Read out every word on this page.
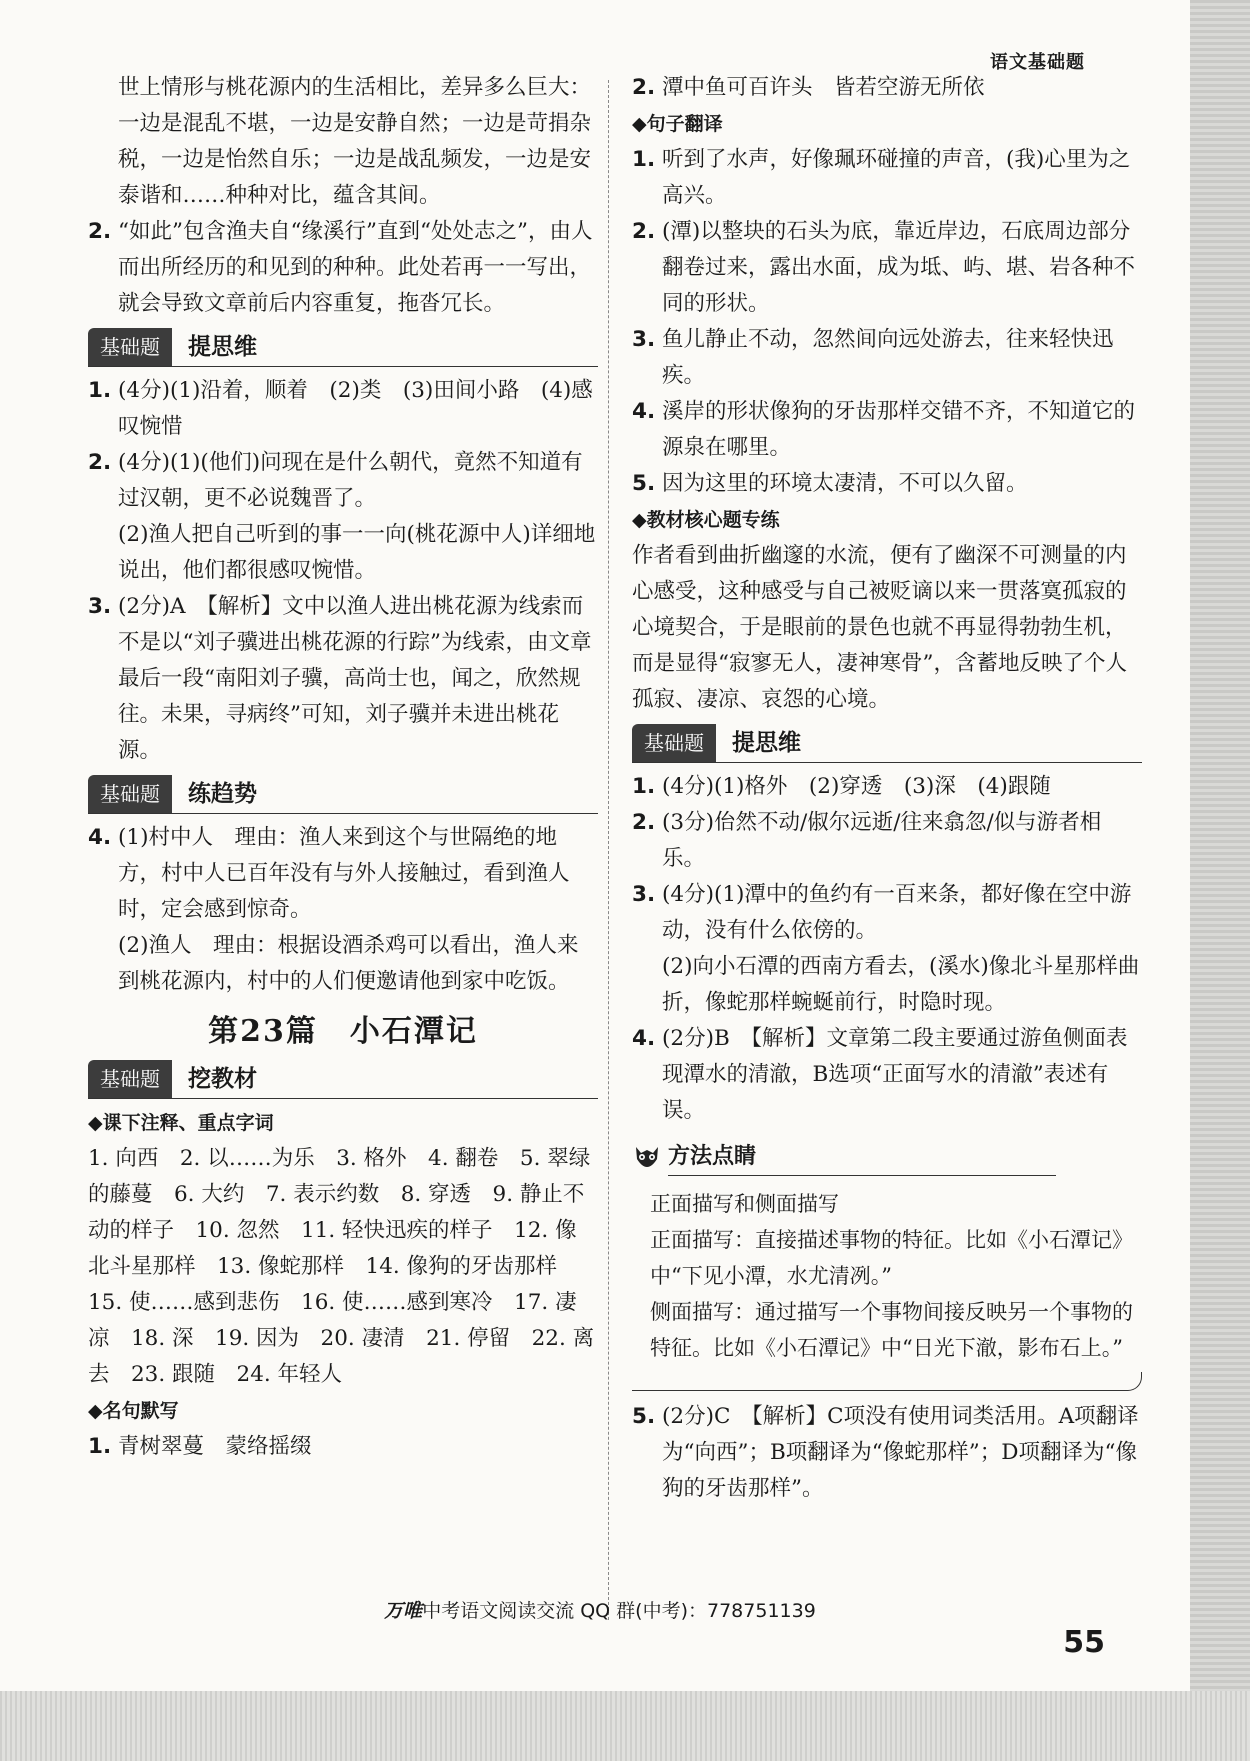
语文基础题

世上情形与桃花源内的生活相比，差异多么巨大：一边是混乱不堪，一边是安静自然；一边是苛捐杂税，一边是怡然自乐；一边是战乱频发，一边是安泰谐和……种种对比，蕴含其间。

2. “如此”包含渔夫自“缘溪行”直到“处处志之”，由人而出所经历的和见到的种种。此处若再一一写出，就会导致文章前后内容重复，拖沓冗长。
基础题	提思维
1. (4分)(1)沿着，顺着　(2)类　(3)田间小路　(4)感叹惋惜
2. (4分)(1)(他们)问现在是什么朝代，竟然不知道有过汉朝，更不必说魏晋了。
(2)渔人把自己听到的事一一向(桃花源中人)详细地说出，他们都很感叹惋惜。
3. (2分)A　【解析】文中以渔人进出桃花源为线索而不是以“刘子骥进出桃花源的行踪”为线索，由文章最后一段“南阳刘子骥，高尚士也，闻之，欣然规往。未果，寻病终”可知，刘子骥并未进出桃花源。
基础题	练趋势
4. (1)村中人　理由：渔人来到这个与世隔绝的地方，村中人已百年没有与外人接触过，看到渔人时，定会感到惊奇。
(2)渔人　理由：根据设酒杀鸡可以看出，渔人来到桃花源内，村中的人们便邀请他到家中吃饭。
第23篇　小石潭记
基础题	挖教材

◆课下注释、重点字词

1. 向西　2. 以……为乐　3. 格外　4. 翻卷　5. 翠绿的藤蔓　6. 大约　7. 表示约数　8. 穿透　9. 静止不动的样子　10. 忽然　11. 轻快迅疾的样子　12. 像北斗星那样　13. 像蛇那样　14. 像狗的牙齿那样　15. 使……感到悲伤　16. 使……感到寒冷　17. 凄凉　18. 深　19. 因为　20. 凄清　21. 停留　22. 离去　23. 跟随　24. 年轻人

◆名句默写

1. 青树翠蔓　蒙络摇缀
2. 潭中鱼可百许头　皆若空游无所依

◆句子翻译

1. 听到了水声，好像珮环碰撞的声音，(我)心里为之高兴。
2. (潭)以整块的石头为底，靠近岸边，石底周边部分翻卷过来，露出水面，成为坻、屿、堪、岩各种不同的形状。
3. 鱼儿静止不动，忽然间向远处游去，往来轻快迅疾。
4. 溪岸的形状像狗的牙齿那样交错不齐，不知道它的源泉在哪里。
5. 因为这里的环境太凄清，不可以久留。

◆教材核心题专练

作者看到曲折幽邃的水流，便有了幽深不可测量的内心感受，这种感受与自己被贬谪以来一贯落寞孤寂的心境契合，于是眼前的景色也就不再显得勃勃生机，而是显得“寂寥无人，凄神寒骨”，含蓄地反映了个人孤寂、凄凉、哀怨的心境。

基础题	提思维
1. (4分)(1)格外　(2)穿透　(3)深　(4)跟随
2. (3分)佁然不动/俶尔远逝/往来翕忽/似与游者相乐。
3. (4分)(1)潭中的鱼约有一百来条，都好像在空中游动，没有什么依傍的。
(2)向小石潭的西南方看去，(溪水)像北斗星那样曲折，像蛇那样蜿蜒前行，时隐时现。
4. (2分)B　【解析】文章第二段主要通过游鱼侧面表现潭水的清澈，B选项“正面写水的清澈”表述有误。
方法点睛

正面描写和侧面描写

正面描写：直接描述事物的特征。比如《小石潭记》中“下见小潭，水尤清冽。”

侧面描写：通过描写一个事物间接反映另一个事物的特征。比如《小石潭记》中“日光下澈，影布石上。”

5. (2分)C　【解析】C项没有使用词类活用。A项翻译为“向西”；B项翻译为“像蛇那样”；D项翻译为“像狗的牙齿那样”。
万唯中考语文阅读交流 QQ 群(中考)：778751139
55
